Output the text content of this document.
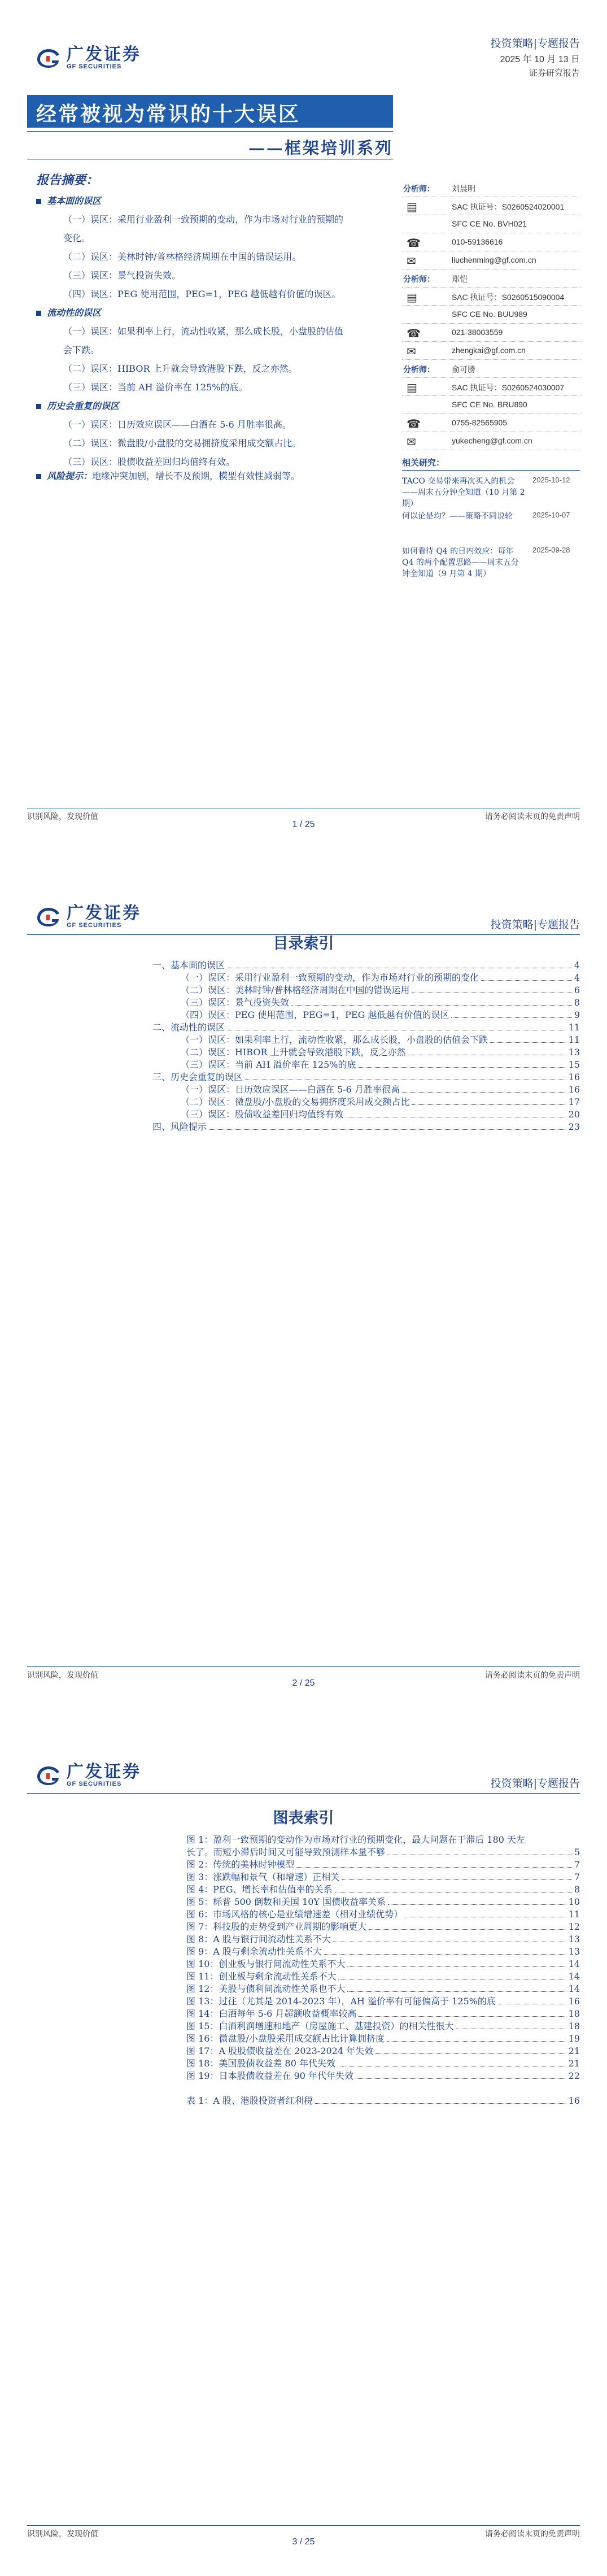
广发证券
GF SECURITIES
投资策略|专题报告
2025 年 10 月 13 日
证券研究报告
经常被视为常识的十大误区
——框架培训系列
报告摘要：
基本面的误区
（一）误区：采用行业盈利一致预期的变动，作为市场对行业的预期的
变化。
（二）误区：美林时钟/普林格经济周期在中国的错误运用。
（三）误区：景气投资失效。
（四）误区：PEG 使用范围，PEG=1，PEG 越低越有价值的误区。
流动性的误区
（一）误区：如果利率上行，流动性收紧，那么成长股，小盘股的估值
会下跌。
（二）误区：HIBOR 上升就会导致港股下跌，反之亦然。
（三）误区：当前 AH 溢价率在 125%的底。
历史会重复的误区
（一）误区：日历效应误区——白酒在 5-6 月胜率很高。
（二）误区：微盘股/小盘股的交易拥挤度采用成交额占比。
（三）误区：股债收益差回归均值终有效。
风险提示：地缘冲突加剧，增长不及预期，模型有效性减弱等。
分析师： 刘晨明
▤	SAC 执证号：S0260524020001
SFC CE No. BVH021
☎	010-59136616
✉	liuchenming@gf.com.cn
分析师： 郑恺
▤	SAC 执证号：S0260515090004
SFC CE No. BUU989
☎	021-38003559
✉	zhengkai@gf.com.cn
分析师： 俞可勝
▤	SAC 执证号：S0260524030007
SFC CE No. BRU890
☎	0755-82565905
✉	yukecheng@gf.com.cn
相关研究：
TACO 交易带来再次买入的机会——周末五分钟全知道（10 月第 2 期）
2025-10-12
何以论是均？——策略不同说轮	2025-10-07
如何看待 Q4 的日内效应：每年 Q4 的两个配置思路——周末五分钟全知道（9 月第 4 期）
2025-09-28
识别风险，发现价值	请务必阅读末页的免责声明
1 / 25
广发证券
GF SECURITIES	投资策略|专题报告
目录索引
一、基本面的误区	4
（一）误区：采用行业盈利一致预期的变动，作为市场对行业的预期的变化	4
（二）误区：美林时钟/普林格经济周期在中国的错误运用	6
（三）误区：景气投资失效	8
（四）误区：PEG 使用范围，PEG=1，PEG 越低越有价值的误区	9
二、流动性的误区	11
（一）误区：如果利率上行，流动性收紧，那么成长股，小盘股的估值会下跌	11
（二）误区：HIBOR 上升就会导致港股下跌，反之亦然	13
（三）误区：当前 AH 溢价率在 125%的底	15
三、历史会重复的误区	16
（一）误区：日历效应误区——白酒在 5-6 月胜率很高	16
（二）误区：微盘股/小盘股的交易拥挤度采用成交额占比	17
（三）误区：股债收益差回归均值终有效	20
四、风险提示	23
识别风险，发现价值	请务必阅读末页的免责声明
2 / 25
广发证券
GF SECURITIES	投资策略|专题报告
图表索引
图 1：盈利一致预期的变动作为市场对行业的预期变化，最大问题在于滞后 180 天左
长了。而短小滞后时间又可能导致预测样本量不够	5
图 2：传统的美林时钟模型	7
图 3：涨跌幅和景气（和增速）正相关	7
图 4：PEG、增长率和估值率的关系	8
图 5：标普 500 倒数和美国 10Y 国债收益率关系	10
图 6：市场风格的核心是业绩增速差（相对业绩优势）	11
图 7：科技股的走势受到产业周期的影响更大	12
图 8：A 股与银行间流动性关系不大	13
图 9：A 股与剩余流动性关系不大	13
图 10：创业板与银行间流动性关系不大	14
图 11：创业板与剩余流动性关系不大	14
图 12：美股与债利间流动性关系也不大	14
图 13：过往（尤其是 2014-2023 年），AH 溢价率有可能偏高于 125%的底	16
图 14：白酒每年 5-6 月超额收益概率较高	18
图 15：白酒利润增速和地产（房屋施工、基建投资）的相关性很大	18
图 16：微盘股/小盘股采用成交额占比计算拥挤度	19
图 17：A 股股债收益差在 2023-2024 年失效	21
图 18：美国股债收益差 80 年代失效	21
图 19：日本股债收益差在 90 年代年失效	22
表 1：A 股、港股投资者红利税	16
识别风险，发现价值	请务必阅读末页的免责声明
3 / 25
